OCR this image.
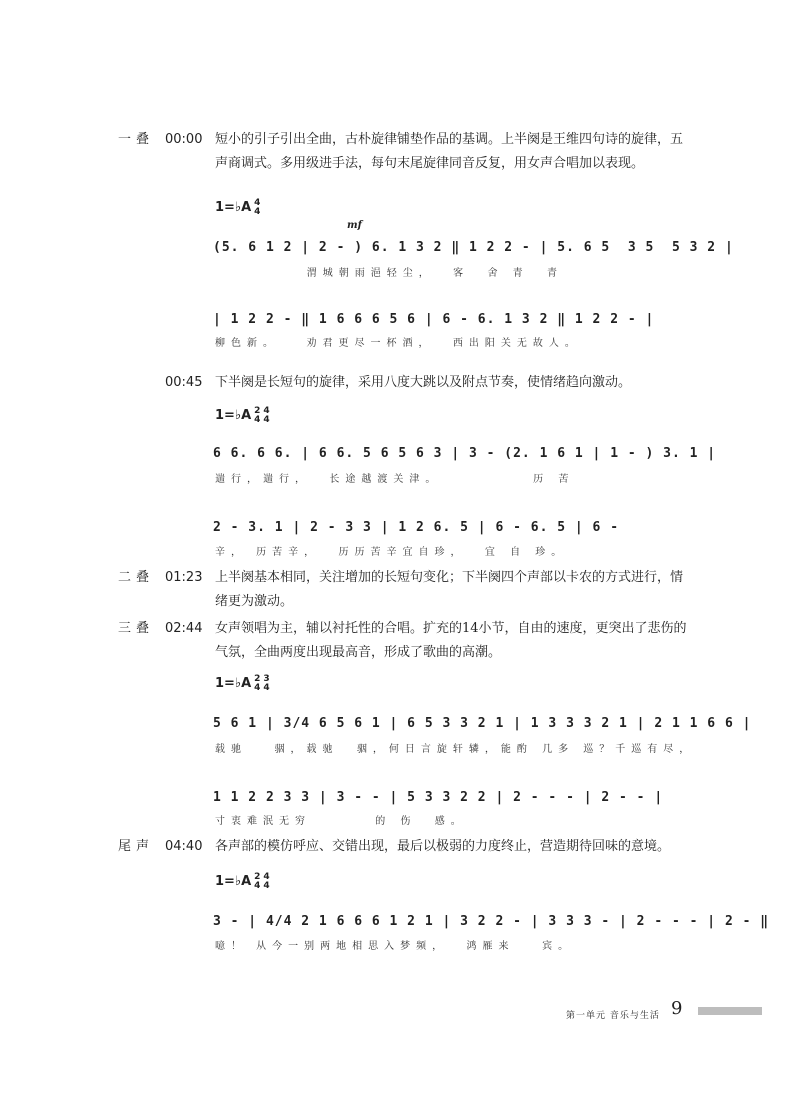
一叠 00:00 短小的引子引出全曲，古朴旋律铺垫作品的基调。上半阕是王维四句诗的旋律，五声商调式。多用级进手法，每句末尾旋律同音反复，用女声合唱加以表现。
1=♭A 4
4
mf
(5. 6 1 2 | 2 - ) 6. 1 3 2 ‖ 1 2 2 - | 5. 6 5  3 5  5 3 2 |
渭城朝雨浥轻尘，  客  舍 青  青
| 1 2 2 - ‖ 1 6 6 6 5 6 | 6 - 6. 1 3 2 ‖ 1 2 2 - |
柳色新。   劝君更尽一杯酒，  西出阳关无故人。
00:45 下半阕是长短句的旋律，采用八度大跳以及附点节奏，使情绪趋向激动。
1=♭A 2
44
4
6 6. 6 6. | 6 6. 5 6 5 6 3 | 3 - (2. 1 6 1 | 1 - ) 3. 1 |
遄行，遄行，  长途越渡关津。          历 苦
2 - 3. 1 | 2 - 3 3 | 1 2 6. 5 | 6 - 6. 5 | 6 -
辛， 历苦辛，  历历苦辛宜自珍，  宜 自 珍。
二叠 01:23 上半阕基本相同，关注增加的长短句变化；下半阕四个声部以卡农的方式进行，情绪更为激动。
三叠 02:44 女声领唱为主，辅以衬托性的合唱。扩充的14小节，自由的速度，更突出了悲伤的气氛，全曲两度出现最高音，形成了歌曲的高潮。
1=♭A 2
43
4
5 6 1 | 3/4 6 5 6 1 | 6 5 3 3 2 1 | 1 3 3 3 2 1 | 2 1 1 6 6 |
载驰   骃，载驰  骃，何日言旋轩辚，能酌 几多 巡？千巡有尽，
1 1 2 2 3 3 | 3 - - | 5 3 3 2 2 | 2 - - - | 2 - - |
寸衷难泯无穷       的 伤  感。
尾声 04:40 各声部的模仿呼应、交错出现，最后以极弱的力度终止，营造期待回味的意境。
1=♭A 2
44
4
3 - | 4/4 2 1 6 6 6 1 2 1 | 3 2 2 - | 3 3 3 - | 2 - - - | 2 - ‖
噫！ 从今一别两地相思入梦频，  鸿雁来   宾。
第一单元 音乐与生活 9
